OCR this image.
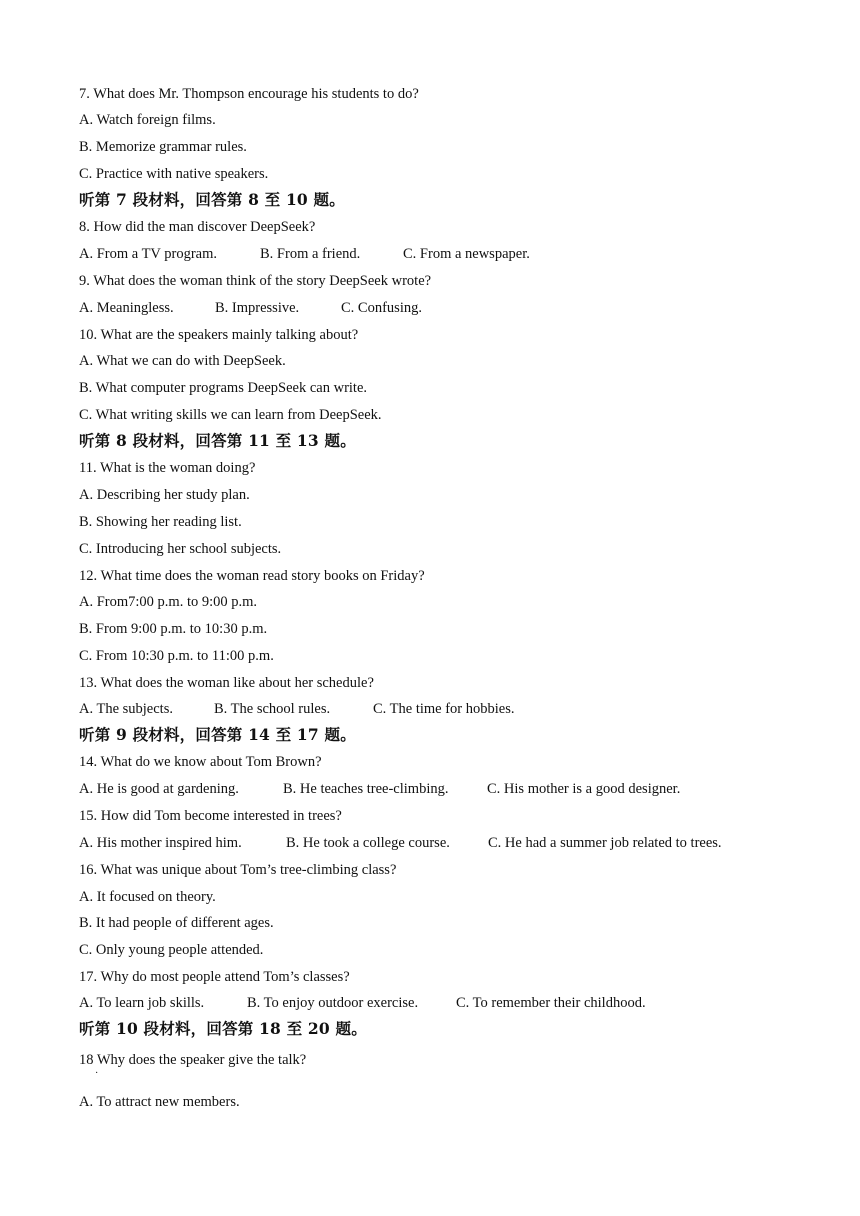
7. What does Mr. Thompson encourage his students to do?
A. Watch foreign films.
B. Memorize grammar rules.
C. Practice with native speakers.
听第 7 段材料，回答第 8 至 10 题。
8. How did the man discover DeepSeek?
A. From a TV program.	B. From a friend.	C. From a newspaper.
9. What does the woman think of the story DeepSeek wrote?
A. Meaningless.	B. Impressive.	C. Confusing.
10. What are the speakers mainly talking about?
A. What we can do with DeepSeek.
B. What computer programs DeepSeek can write.
C. What writing skills we can learn from DeepSeek.
听第 8 段材料，回答第 11 至 13 题。
11. What is the woman doing?
A. Describing her study plan.
B. Showing her reading list.
C. Introducing her school subjects.
12. What time does the woman read story books on Friday?
A. From7:00 p.m. to 9:00 p.m.
B. From 9:00 p.m. to 10:30 p.m.
C. From 10:30 p.m. to 11:00 p.m.
13. What does the woman like about her schedule?
A. The subjects.	B. The school rules.	C. The time for hobbies.
听第 9 段材料，回答第 14 至 17 题。
14. What do we know about Tom Brown?
A. He is good at gardening.	B. He teaches tree-climbing.	C. His mother is a good designer.
15. How did Tom become interested in trees?
A. His mother inspired him.	B. He took a college course.	C. He had a summer job related to trees.
16. What was unique about Tom’s tree-climbing class?
A. It focused on theory.
B. It had people of different ages.
C. Only young people attended.
17. Why do most people attend Tom’s classes?
A. To learn job skills.	B. To enjoy outdoor exercise.	C. To remember their childhood.
听第 10 段材料，回答第 18 至 20 题。
18 Why does the speaker give the talk?
·
A. To attract new members.
